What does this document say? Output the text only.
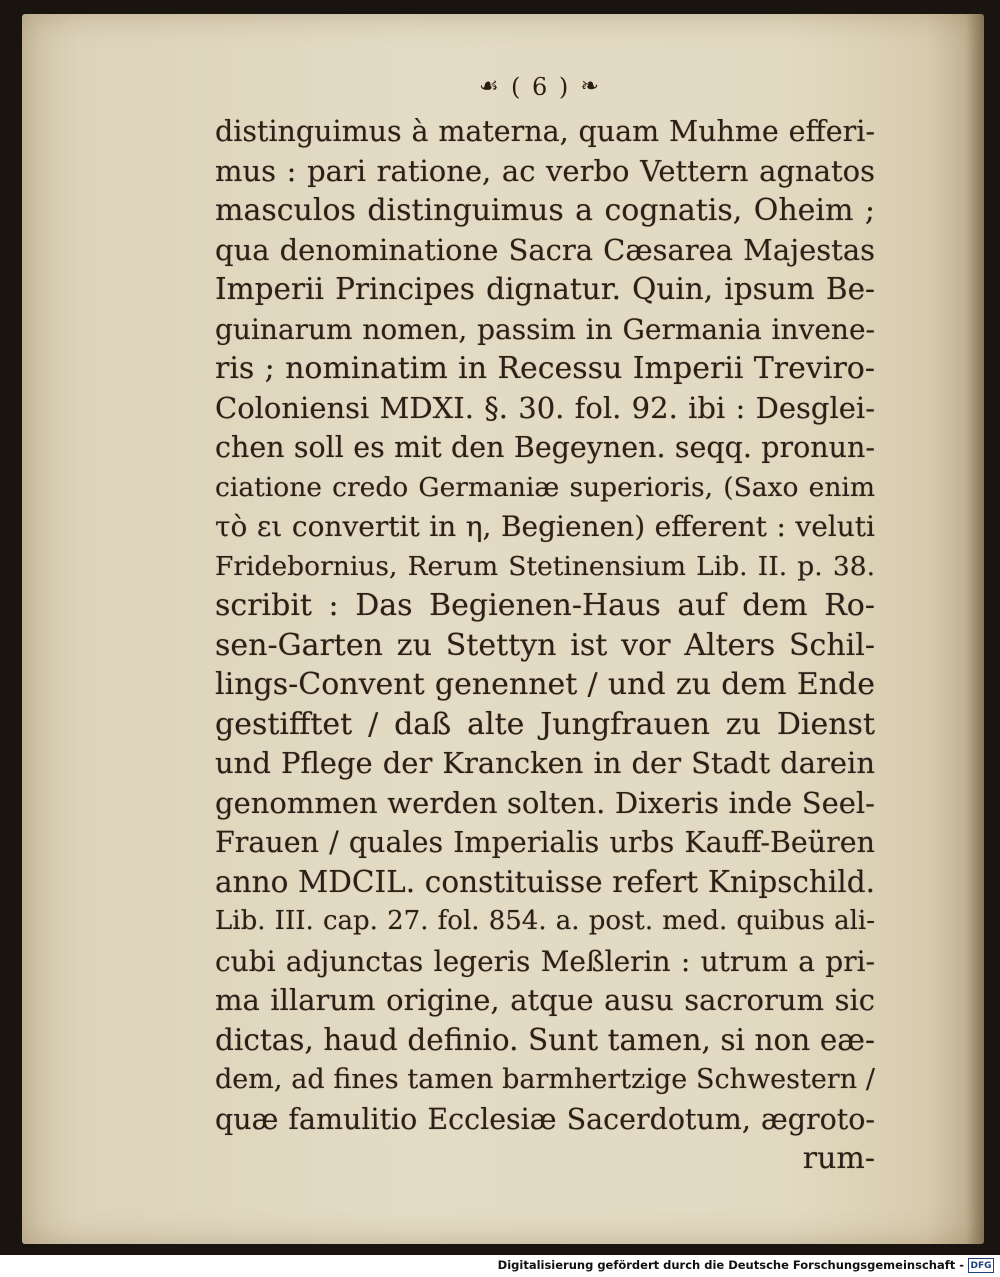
☙ ( 6 ) ❧
distinguimus à materna, quam Muhme efferi-
mus : pari ratione, ac verbo Vettern agnatos
masculos distinguimus a cognatis, Oheim ;
qua denominatione Sacra Cæsarea Majestas
Imperii Principes dignatur. Quin, ipsum Be-
guinarum nomen, passim in Germania invene-
ris ; nominatim in Recessu Imperii Treviro-
Coloniensi MDXI. §. 30. fol. 92. ibi : Desglei-
chen soll es mit den Begeynen. seqq. pronun-
ciatione credo Germaniæ superioris, (Saxo enim
τὸ ει convertit in η, Begienen) efferent : veluti
Fridebornius, Rerum Stetinensium Lib. II. p. 38.
scribit : Das Begienen-Haus auf dem Ro-
sen-Garten zu Stettyn ist vor Alters Schil-
lings-Convent genennet / und zu dem Ende
gestifftet / daß alte Jungfrauen zu Dienst
und Pflege der Krancken in der Stadt darein
genommen werden solten. Dixeris inde Seel-
Frauen / quales Imperialis urbs Kauff-Beüren
anno MDCIL. constituisse refert Knipschild.
Lib. III. cap. 27. fol. 854. a. post. med. quibus ali-
cubi adjunctas legeris Meßlerin : utrum a pri-
ma illarum origine, atque ausu sacrorum sic
dictas, haud definio. Sunt tamen, si non eæ-
dem, ad fines tamen barmhertzige Schwestern /
quæ famulitio Ecclesiæ Sacerdotum, ægroto-
rum-
Digitalisierung gefördert durch die Deutsche Forschungsgemeinschaft - DFG
